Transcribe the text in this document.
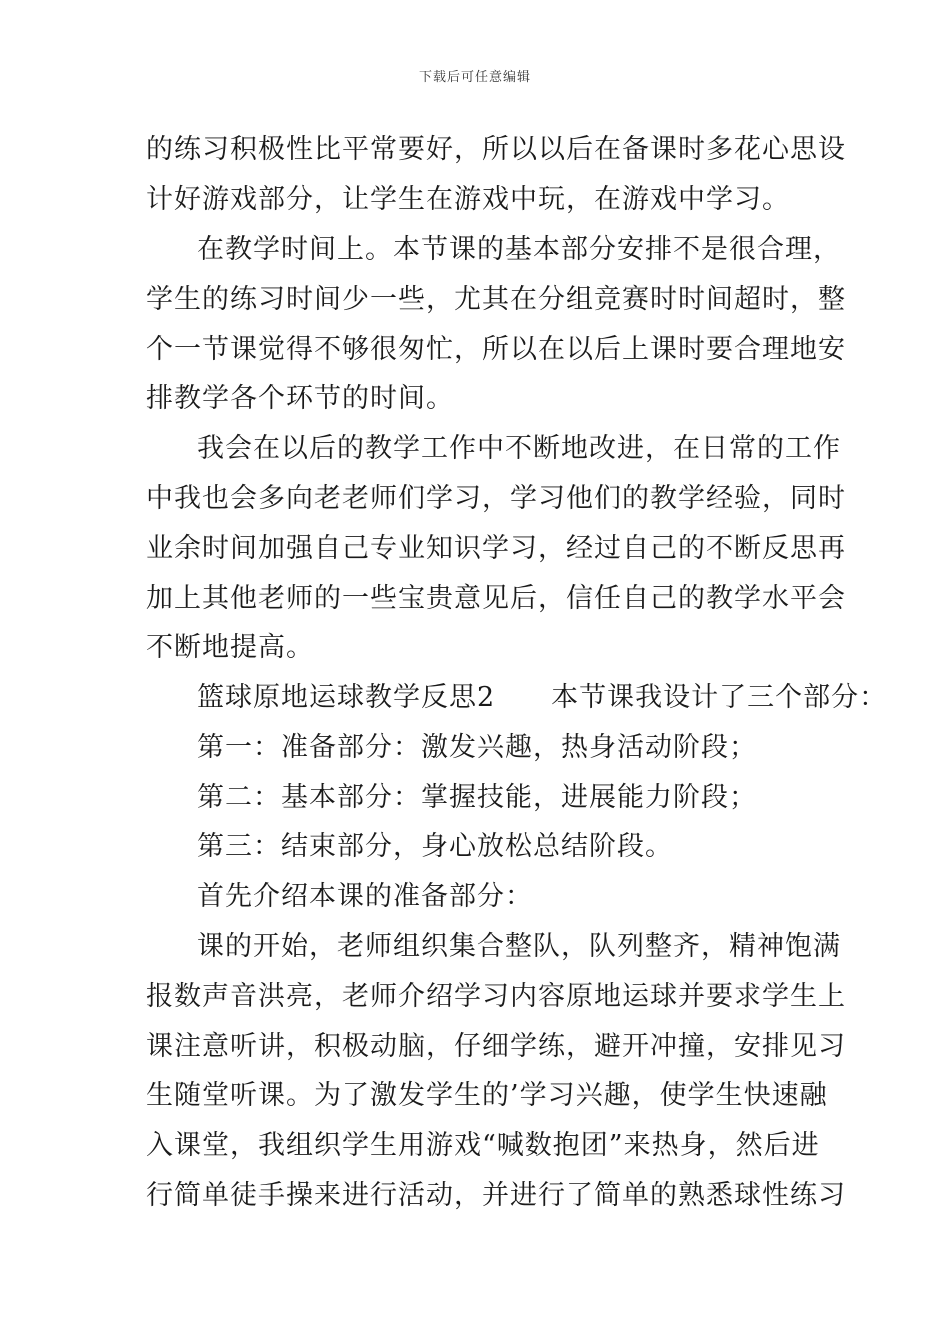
下载后可任意编辑
的练习积极性比平常要好，所以以后在备课时多花心思设
计好游戏部分，让学生在游戏中玩，在游戏中学习。
在教学时间上。本节课的基本部分安排不是很合理，
学生的练习时间少一些，尤其在分组竞赛时时间超时，整
个一节课觉得不够很匆忙，所以在以后上课时要合理地安
排教学各个环节的时间。
我会在以后的教学工作中不断地改进，在日常的工作
中我也会多向老老师们学习，学习他们的教学经验，同时
业余时间加强自己专业知识学习，经过自己的不断反思再
加上其他老师的一些宝贵意见后，信任自己的教学水平会
不断地提高。
篮球原地运球教学反思2　　本节课我设计了三个部分：
第一：准备部分：激发兴趣，热身活动阶段；
第二：基本部分：掌握技能，进展能力阶段；
第三：结束部分，身心放松总结阶段。
首先介绍本课的准备部分：
课的开始，老师组织集合整队，队列整齐，精神饱满
报数声音洪亮，老师介绍学习内容原地运球并要求学生上
课注意听讲，积极动脑，仔细学练，避开冲撞，安排见习
生随堂听课。为了激发学生的’学习兴趣，使学生快速融
入课堂，我组织学生用游戏“喊数抱团”来热身，然后进
行简单徒手操来进行活动，并进行了简单的熟悉球性练习
